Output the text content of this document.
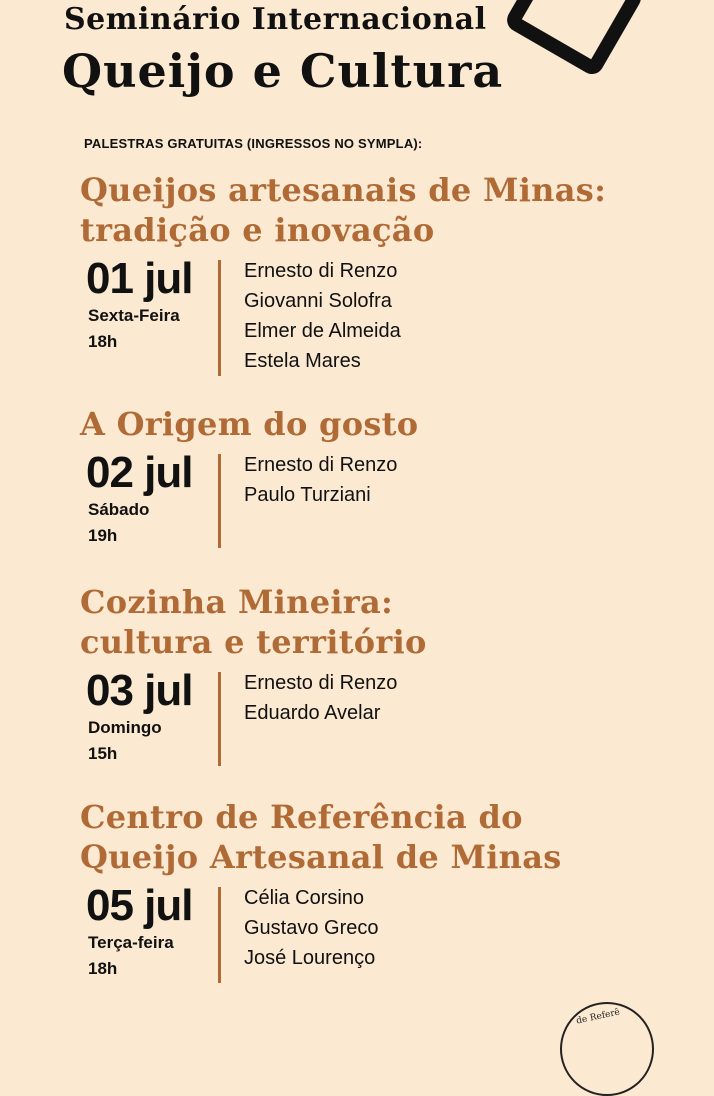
Seminário Internacional
Queijo e Cultura
PALESTRAS GRATUITAS (INGRESSOS NO SYMPLA):
Queijos artesanais de Minas:
tradição e inovação
01 jul
Sexta-Feira
18h
Ernesto di Renzo
Giovanni Solofra
Elmer de Almeida
Estela Mares
A Origem do gosto
02 jul
Sábado
19h
Ernesto di Renzo
Paulo Turziani
Cozinha Mineira:
cultura e território
03 jul
Domingo
15h
Ernesto di Renzo
Eduardo Avelar
Centro de Referência do
Queijo Artesanal de Minas
05 jul
Terça-feira
18h
Célia Corsino
Gustavo Greco
José Lourenço
de Referê
